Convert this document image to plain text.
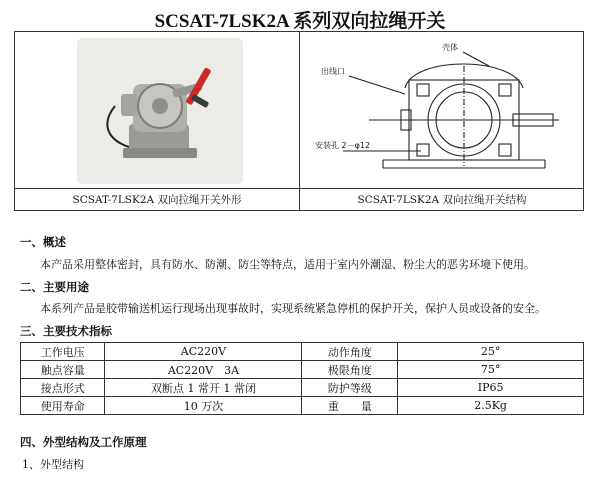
SCSAT-7LSK2A 系列双向拉绳开关
壳体
出线口
安装孔 2－φ12
SCSAT-7LSK2A 双向拉绳开关外形	SCSAT-7LSK2A 双向拉绳开关结构
一、概述
本产品采用整体密封，具有防水、防潮、防尘等特点，适用于室内外潮湿、粉尘大的恶劣环境下使用。
二、主要用途
本系列产品是胶带输送机运行现场出现事故时，实现系统紧急停机的保护开关，保护人员或设备的安全。
三、主要技术指标
工作电压	AC220V	动作角度	25°
触点容量	AC220V　3A	极限角度	75°
接点形式	双断点 1 常开 1 常闭	防护等级	IP65
使用寿命	10 万次	重　　量	2.5Kg
四、外型结构及工作原理
1、外型结构
